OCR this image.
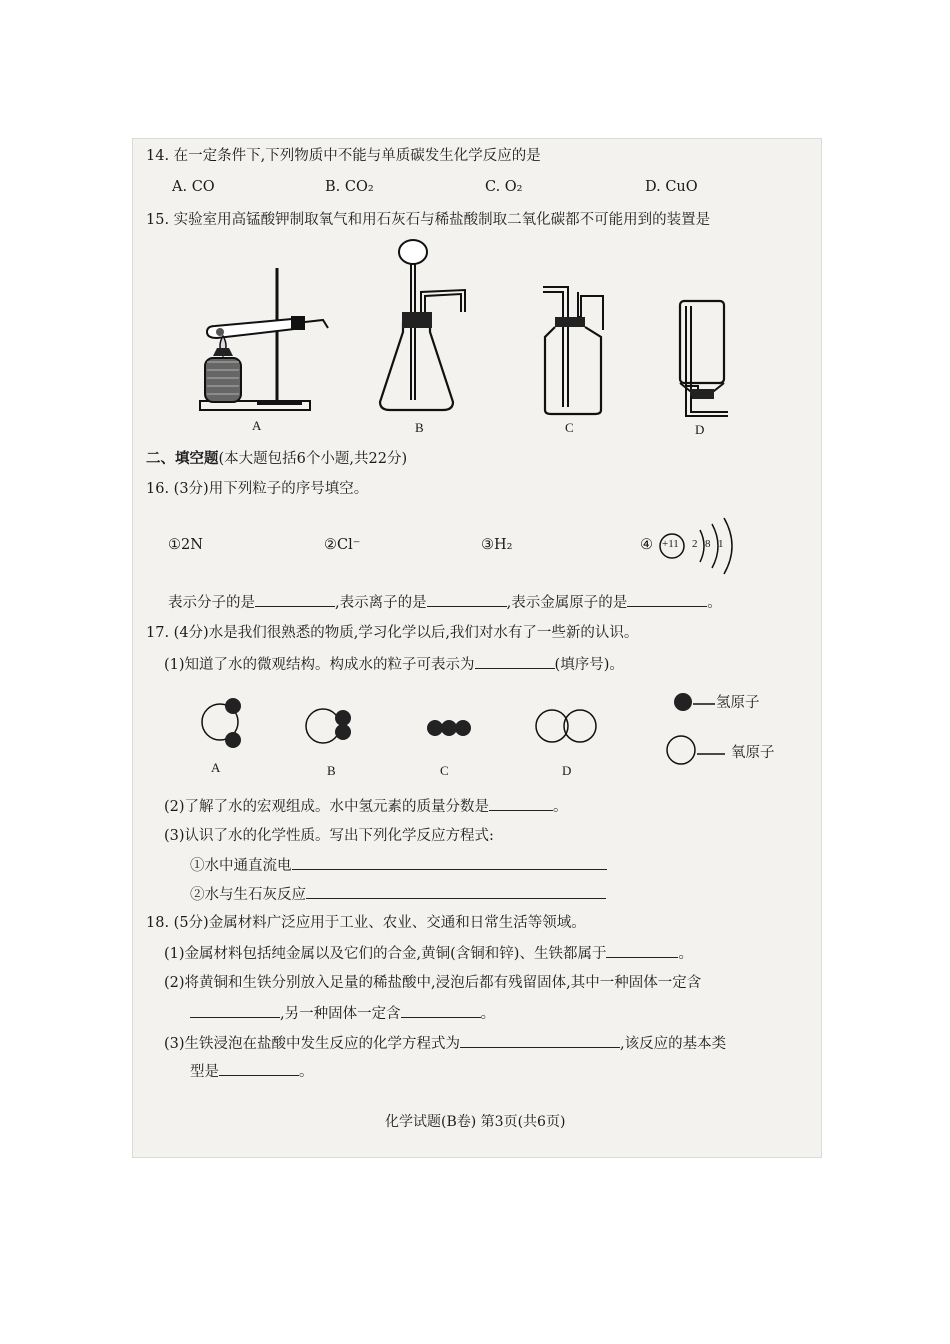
14. 在一定条件下,下列物质中不能与单质碳发生化学反应的是
A. CO	B. CO₂	C. O₂	D. CuO
15. 实验室用高锰酸钾制取氧气和用石灰石与稀盐酸制取二氧化碳都不可能用到的装置是
A	B	C	D
二、填空题(本大题包括6个小题,共22分)
16. (3分)用下列粒子的序号填空。
①2N	②Cl⁻	③H₂	④ +11 2 8 1
表示分子的是	,表示离子的是	,表示金属原子的是	。
17. (4分)水是我们很熟悉的物质,学习化学以后,我们对水有了一些新的认识。
(1)知道了水的微观结构。构成水的粒子可表示为	(填序号)。
氢原子
氧原子
A	B	C	D
(2)了解了水的宏观组成。水中氢元素的质量分数是	。
(3)认识了水的化学性质。写出下列化学反应方程式:
①水中通直流电
②水与生石灰反应
18. (5分)金属材料广泛应用于工业、农业、交通和日常生活等领域。
(1)金属材料包括纯金属以及它们的合金,黄铜(含铜和锌)、生铁都属于	。
(2)将黄铜和生铁分别放入足量的稀盐酸中,浸泡后都有残留固体,其中一种固体一定含
,另一种固体一定含	。
(3)生铁浸泡在盐酸中发生反应的化学方程式为	,该反应的基本类
型是	。
化学试题(B卷) 第3页(共6页)
